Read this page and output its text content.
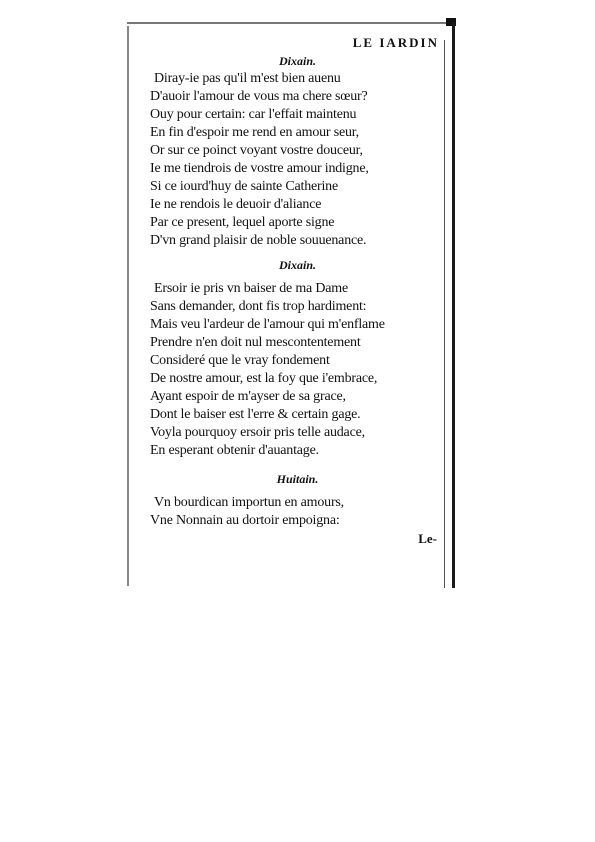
LE IARDIN
Dixain.
Diray-ie pas qu'il m'est bien auenu
D'auoir l'amour de vous ma chere sœur?
Ouy pour certain: car l'effait maintenu
En fin d'espoir me rend en amour seur,
Or sur ce poinct voyant vostre douceur,
Ie me tiendrois de vostre amour indigne,
Si ce iourd'huy de sainte Catherine
Ie ne rendois le deuoir d'aliance
Par ce present, lequel aporte signe
D'vn grand plaisir de noble souuenance.
Dixain.
Ersoir ie pris vn baiser de ma Dame
Sans demander, dont fis trop hardiment:
Mais veu l'ardeur de l'amour qui m'enflame
Prendre n'en doit nul mescontentement
Consideré que le vray fondement
De nostre amour, est la foy que i'embrace,
Ayant espoir de m'ayser de sa grace,
Dont le baiser est l'erre & certain gage.
Voyla pourquoy ersoir pris telle audace,
En esperant obtenir d'auantage.
Huitain.
Vn bourdican importun en amours,
Vne Nonnain au dortoir empoigna:
Le-
